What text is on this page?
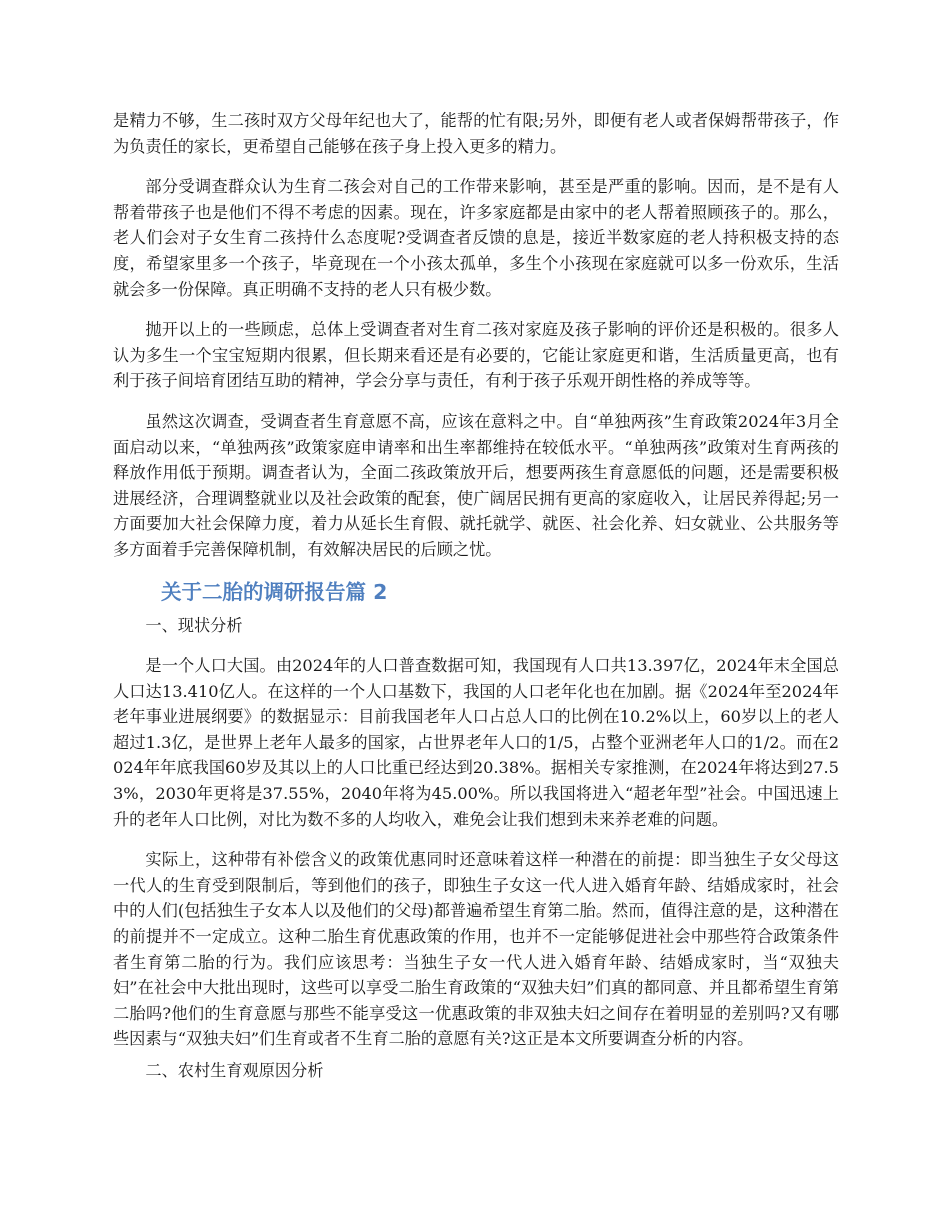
是精力不够，生二孩时双方父母年纪也大了，能帮的忙有限;另外，即便有老人或者保姆帮带孩子，作为负责任的家长，更希望自己能够在孩子身上投入更多的精力。

部分受调查群众认为生育二孩会对自己的工作带来影响，甚至是严重的影响。因而，是不是有人帮着带孩子也是他们不得不考虑的因素。现在，许多家庭都是由家中的老人帮着照顾孩子的。那么，老人们会对子女生育二孩持什么态度呢?受调查者反馈的息是，接近半数家庭的老人持积极支持的态度，希望家里多一个孩子，毕竟现在一个小孩太孤单，多生个小孩现在家庭就可以多一份欢乐，生活就会多一份保障。真正明确不支持的老人只有极少数。

抛开以上的一些顾虑，总体上受调查者对生育二孩对家庭及孩子影响的评价还是积极的。很多人认为多生一个宝宝短期内很累，但长期来看还是有必要的，它能让家庭更和谐，生活质量更高，也有利于孩子间培育团结互助的精神，学会分享与责任，有利于孩子乐观开朗性格的养成等等。

虽然这次调查，受调查者生育意愿不高，应该在意料之中。自“单独两孩”生育政策2024年3月全面启动以来，“单独两孩”政策家庭申请率和出生率都维持在较低水平。“单独两孩”政策对生育两孩的释放作用低于预期。调查者认为，全面二孩政策放开后，想要两孩生育意愿低的问题，还是需要积极进展经济，合理调整就业以及社会政策的配套，使广阔居民拥有更高的家庭收入，让居民养得起;另一方面要加大社会保障力度，着力从延长生育假、就托就学、就医、社会化养、妇女就业、公共服务等多方面着手完善保障机制，有效解决居民的后顾之忧。

关于二胎的调研报告篇 2

一、现状分析

是一个人口大国。由2024年的人口普查数据可知，我国现有人口共13.397亿，2024年末全国总人口达13.410亿人。在这样的一个人口基数下，我国的人口老年化也在加剧。据《2024年至2024年老年事业进展纲要》的数据显示：目前我国老年人口占总人口的比例在10.2%以上，60岁以上的老人超过1.3亿，是世界上老年人最多的国家，占世界老年人口的1/5，占整个亚洲老年人口的1/2。而在2024年年底我国60岁及其以上的人口比重已经达到20.38%。据相关专家推测，在2024年将达到27.53%，2030年更将是37.55%，2040年将为45.00%。所以我国将进入“超老年型”社会。中国迅速上升的老年人口比例，对比为数不多的人均收入，难免会让我们想到未来养老难的问题。

实际上，这种带有补偿含义的政策优惠同时还意味着这样一种潜在的前提：即当独生子女父母这一代人的生育受到限制后，等到他们的孩子，即独生子女这一代人进入婚育年龄、结婚成家时，社会中的人们(包括独生子女本人以及他们的父母)都普遍希望生育第二胎。然而，值得注意的是，这种潜在的前提并不一定成立。这种二胎生育优惠政策的作用，也并不一定能够促进社会中那些符合政策条件者生育第二胎的行为。我们应该思考：当独生子女一代人进入婚育年龄、结婚成家时，当“双独夫妇”在社会中大批出现时，这些可以享受二胎生育政策的“双独夫妇”们真的都同意、并且都希望生育第二胎吗?他们的生育意愿与那些不能享受这一优惠政策的非双独夫妇之间存在着明显的差别吗?又有哪些因素与“双独夫妇”们生育或者不生育二胎的意愿有关?这正是本文所要调查分析的内容。

二、农村生育观原因分析
